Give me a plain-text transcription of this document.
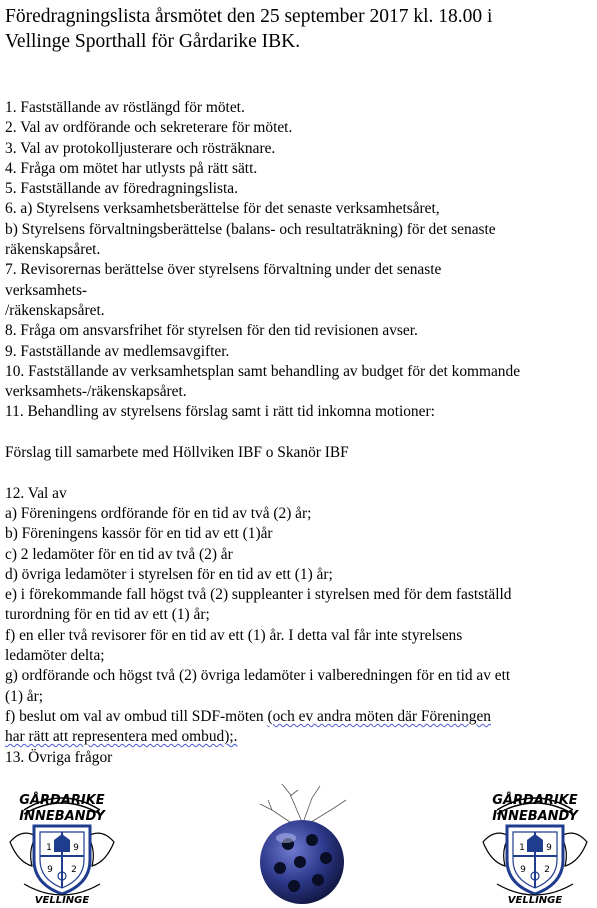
Föredragningslista årsmötet den 25 september 2017 kl. 18.00 i
Vellinge Sporthall för Gårdarike IBK.
1. Fastställande av röstlängd för mötet.
2. Val av ordförande och sekreterare för mötet.
3. Val av protokolljusterare och rösträknare.
4. Fråga om mötet har utlysts på rätt sätt.
5. Fastställande av föredragningslista.
6. a) Styrelsens verksamhetsberättelse för det senaste verksamhetsåret,
b) Styrelsens förvaltningsberättelse (balans- och resultaträkning) för det senaste
räkenskapsåret.
7. Revisorernas berättelse över styrelsens förvaltning under det senaste
verksamhets-
/räkenskapsåret.
8. Fråga om ansvarsfrihet för styrelsen för den tid revisionen avser.
9. Fastställande av medlemsavgifter.
10. Fastställande av verksamhetsplan samt behandling av budget för det kommande
verksamhets-/räkenskapsåret.
11. Behandling av styrelsens förslag samt i rätt tid inkomna motioner:
Förslag till samarbete med Höllviken IBF o Skanör IBF
12. Val av
a) Föreningens ordförande för en tid av två (2) år;
b) Föreningens kassör för en tid av ett (1)år
c) 2 ledamöter för en tid av två (2) år
d) övriga ledamöter i styrelsen för en tid av ett (1) år;
e) i förekommande fall högst två (2) suppleanter i styrelsen med för dem fastställd
turordning för en tid av ett (1) år;
f) en eller två revisorer för en tid av ett (1) år. I detta val får inte styrelsens
ledamöter delta;
g) ordförande och högst två (2) övriga ledamöter i valberedningen för en tid av ett
(1) år;
f) beslut om val av ombud till SDF-möten (och ev andra möten där Föreningen
har rätt att representera med ombud);.
13. Övriga frågor
GÅRDARIKE
INNEBANDY
1 9
9 2
VELLINGE
GÅRDARIKE
INNEBANDY
1 9
9 2
VELLINGE
